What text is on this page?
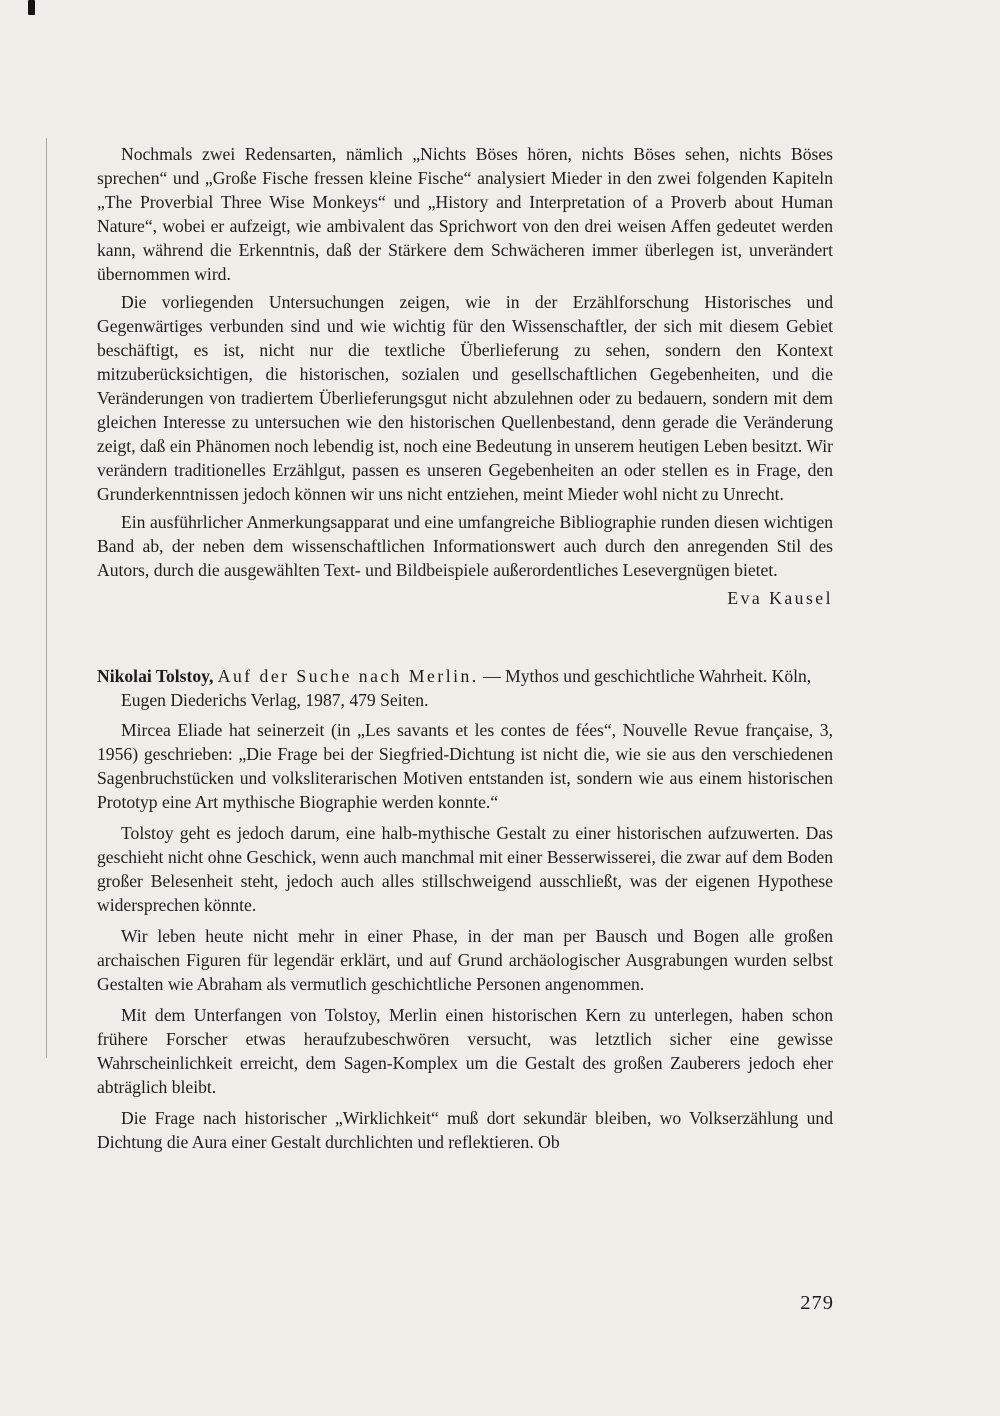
Nochmals zwei Redensarten, nämlich „Nichts Böses hören, nichts Böses sehen, nichts Böses sprechen“ und „Große Fische fressen kleine Fische“ analysiert Mieder in den zwei folgenden Kapiteln „The Proverbial Three Wise Monkeys“ und „History and Interpretation of a Proverb about Human Nature“, wobei er aufzeigt, wie ambivalent das Sprichwort von den drei weisen Affen gedeutet werden kann, während die Erkenntnis, daß der Stärkere dem Schwächeren immer überlegen ist, unverändert übernommen wird.

Die vorliegenden Untersuchungen zeigen, wie in der Erzählforschung Historisches und Gegenwärtiges verbunden sind und wie wichtig für den Wissenschaftler, der sich mit diesem Gebiet beschäftigt, es ist, nicht nur die textliche Überlieferung zu sehen, sondern den Kontext mitzuberücksichtigen, die historischen, sozialen und gesellschaftlichen Gegebenheiten, und die Veränderungen von tradiertem Überlieferungsgut nicht abzulehnen oder zu bedauern, sondern mit dem gleichen Interesse zu untersuchen wie den historischen Quellenbestand, denn gerade die Veränderung zeigt, daß ein Phänomen noch lebendig ist, noch eine Bedeutung in unserem heutigen Leben besitzt. Wir verändern traditionelles Erzählgut, passen es unseren Gegebenheiten an oder stellen es in Frage, den Grunderkenntnissen jedoch können wir uns nicht entziehen, meint Mieder wohl nicht zu Unrecht.

Ein ausführlicher Anmerkungsapparat und eine umfangreiche Bibliographie runden diesen wichtigen Band ab, der neben dem wissenschaftlichen Informationswert auch durch den anregenden Stil des Autors, durch die ausgewählten Text- und Bildbeispiele außerordentliches Lesevergnügen bietet.

Eva Kausel

Nikolai Tolstoy, Auf der Suche nach Merlin. — Mythos und geschichtliche Wahrheit. Köln, Eugen Diederichs Verlag, 1987, 479 Seiten.

Mircea Eliade hat seinerzeit (in „Les savants et les contes de fées“, Nouvelle Revue française, 3, 1956) geschrieben: „Die Frage bei der Siegfried-Dichtung ist nicht die, wie sie aus den verschiedenen Sagenbruchstücken und volksliterarischen Motiven entstanden ist, sondern wie aus einem historischen Prototyp eine Art mythische Biographie werden konnte.“

Tolstoy geht es jedoch darum, eine halb-mythische Gestalt zu einer historischen aufzuwerten. Das geschieht nicht ohne Geschick, wenn auch manchmal mit einer Besserwisserei, die zwar auf dem Boden großer Belesenheit steht, jedoch auch alles stillschweigend ausschließt, was der eigenen Hypothese widersprechen könnte.

Wir leben heute nicht mehr in einer Phase, in der man per Bausch und Bogen alle großen archaischen Figuren für legendär erklärt, und auf Grund archäologischer Ausgrabungen wurden selbst Gestalten wie Abraham als vermutlich geschichtliche Personen angenommen.

Mit dem Unterfangen von Tolstoy, Merlin einen historischen Kern zu unterlegen, haben schon frühere Forscher etwas heraufzubeschwören versucht, was letztlich sicher eine gewisse Wahrscheinlichkeit erreicht, dem Sagen-Komplex um die Gestalt des großen Zauberers jedoch eher abträglich bleibt.

Die Frage nach historischer „Wirklichkeit“ muß dort sekundär bleiben, wo Volkserzählung und Dichtung die Aura einer Gestalt durchlichten und reflektieren. Ob

279
